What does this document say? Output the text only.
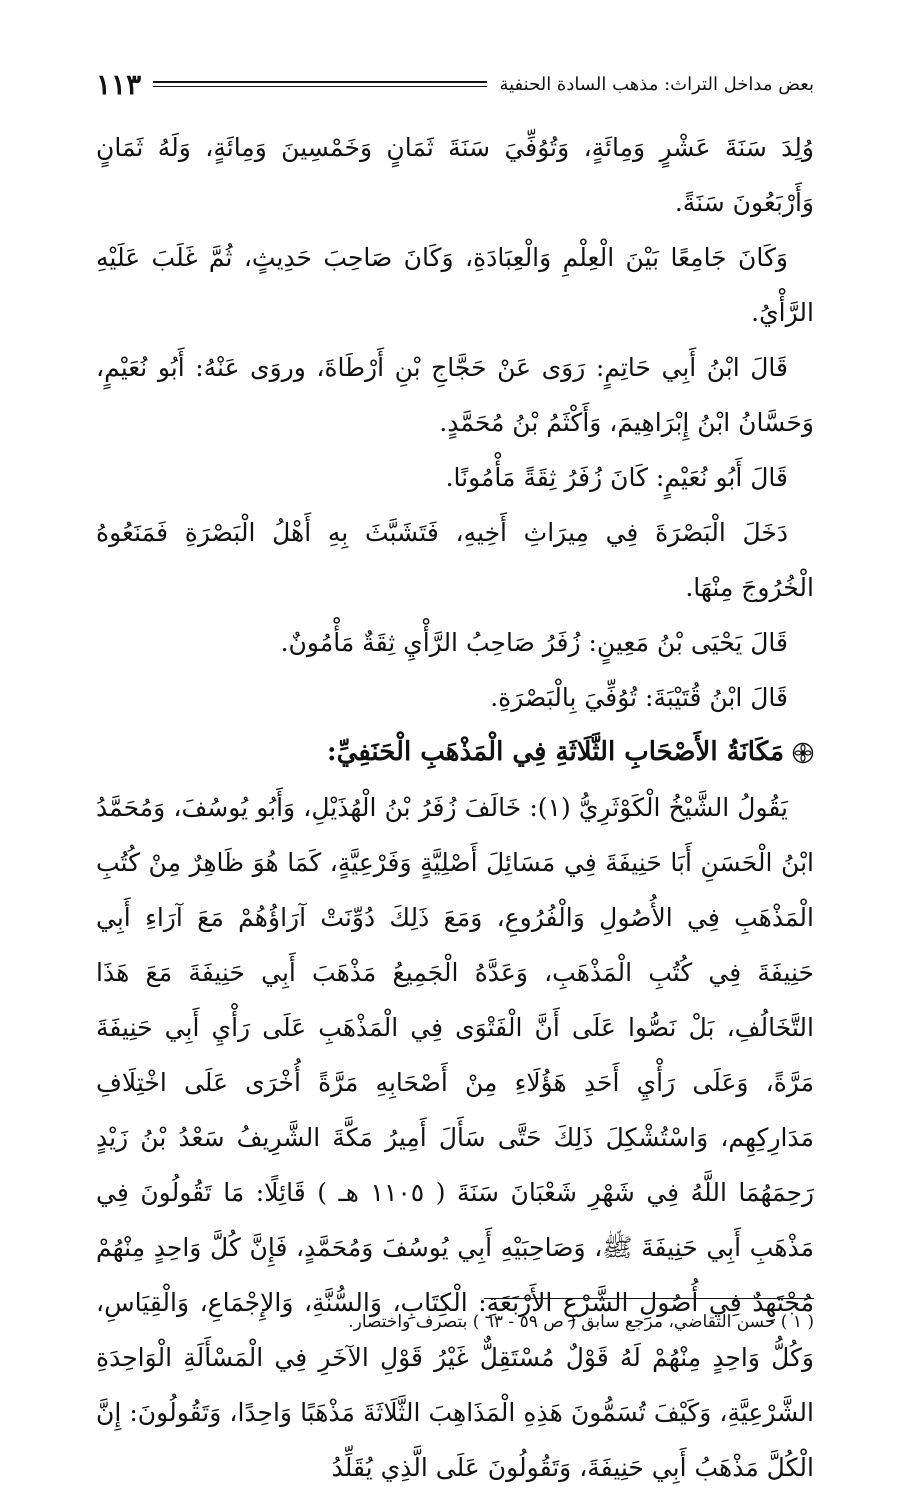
بعض مداخل التراث: مذهب السادة الحنفية
١١٣

وُلِدَ سَنَةَ عَشْرٍ وَمِائَةٍ، وَتُوُفِّيَ سَنَةَ ثَمَانٍ وَخَمْسِينَ وَمِائَةٍ، وَلَهُ ثَمَانٍ وَأَرْبَعُونَ سَنَةً.

وَكَانَ جَامِعًا بَيْنَ الْعِلْمِ وَالْعِبَادَةِ، وَكَانَ صَاحِبَ حَدِيثٍ، ثُمَّ غَلَبَ عَلَيْهِ الرَّأْيُ.

قَالَ ابْنُ أَبِي حَاتِمٍ: رَوَى عَنْ حَجَّاجِ بْنِ أَرْطَاةَ، وروَى عَنْهُ: أَبُو نُعَيْمٍ، وَحَسَّانُ ابْنُ إِبْرَاهِيمَ، وَأَكْثَمُ بْنُ مُحَمَّدٍ.

قَالَ أَبُو نُعَيْمٍ: كَانَ زُفَرُ ثِقَةً مَأْمُونًا.

دَخَلَ الْبَصْرَةَ فِي مِيرَاثِ أَخِيهِ، فَتَشَبَّثَ بِهِ أَهْلُ الْبَصْرَةِ فَمَنَعُوهُ الْخُرُوجَ مِنْهَا.

قَالَ يَحْيَى بْنُ مَعِينٍ: زُفَرُ صَاحِبُ الرَّأْيِ ثِقَةٌ مَأْمُونٌ.

قَالَ ابْنُ قُتَيْبَةَ: تُوُفِّيَ بِالْبَصْرَةِ.

مَكَانَةُ الأَصْحَابِ الثَّلَاثَةِ فِي الْمَذْهَبِ الْحَنَفِيِّ:

يَقُولُ الشَّيْخُ الْكَوْثَرِيُّ (١): خَالَفَ زُفَرُ بْنُ الْهُذَيْلِ، وَأَبُو يُوسُفَ، وَمُحَمَّدُ ابْنُ الْحَسَنِ أَبَا حَنِيفَةَ فِي مَسَائِلَ أَصْلِيَّةٍ وَفَرْعِيَّةٍ، كَمَا هُوَ ظَاهِرٌ مِنْ كُتُبِ الْمَذْهَبِ فِي الأُصُولِ وَالْفُرُوعِ، وَمَعَ ذَلِكَ دُوِّنَتْ آرَاؤُهُمْ مَعَ آرَاءِ أَبِي حَنِيفَةَ فِي كُتُبِ الْمَذْهَبِ، وَعَدَّهُ الْجَمِيعُ مَذْهَبَ أَبِي حَنِيفَةَ مَعَ هَذَا التَّخَالُفِ، بَلْ نَصُّوا عَلَى أَنَّ الْفَتْوَى فِي الْمَذْهَبِ عَلَى رَأْيِ أَبِي حَنِيفَةَ مَرَّةً، وَعَلَى رَأْيِ أَحَدِ هَؤُلَاءِ مِنْ أَصْحَابِهِ مَرَّةً أُخْرَى عَلَى اخْتِلَافِ مَدَارِكِهِم، وَاسْتُشْكِلَ ذَلِكَ حَتَّى سَأَلَ أَمِيرُ مَكَّةَ الشَّرِيفُ سَعْدُ بْنُ زَيْدٍ رَحِمَهُمَا اللَّهُ فِي شَهْرِ شَعْبَانَ سَنَةَ ( ١١٠٥ هـ ) قَائِلًا: مَا تَقُولُونَ فِي مَذْهَبِ أَبِي حَنِيفَةَ ﷺ، وَصَاحِبَيْهِ أَبِي يُوسُفَ وَمُحَمَّدٍ، فَإِنَّ كُلَّ وَاحِدٍ مِنْهُمْ مُجْتَهِدٌ فِي أُصُولِ الشَّرْعِ الأَرْبَعَةِ: الْكِتَابِ، وَالسُّنَّةِ، وَالإِجْمَاعِ، وَالْقِيَاسِ، وَكُلُّ وَاحِدٍ مِنْهُمْ لَهُ قَوْلٌ مُسْتَقِلٌّ غَيْرُ قَوْلِ الآخَرِ فِي الْمَسْأَلَةِ الْوَاحِدَةِ الشَّرْعِيَّةِ، وَكَيْفَ تُسَمُّونَ هَذِهِ الْمَذَاهِبَ الثَّلَاثَةَ مَذْهَبًا وَاحِدًا، وَتَقُولُونَ: إِنَّ الْكُلَّ مَذْهَبُ أَبِي حَنِيفَةَ، وَتَقُولُونَ عَلَى الَّذِي يُقَلِّدُ

( ١ ) حسن التقاضي، مرجع سابق ( ص ٥٩ - ٦٣ ) بتصرف واختصار.
